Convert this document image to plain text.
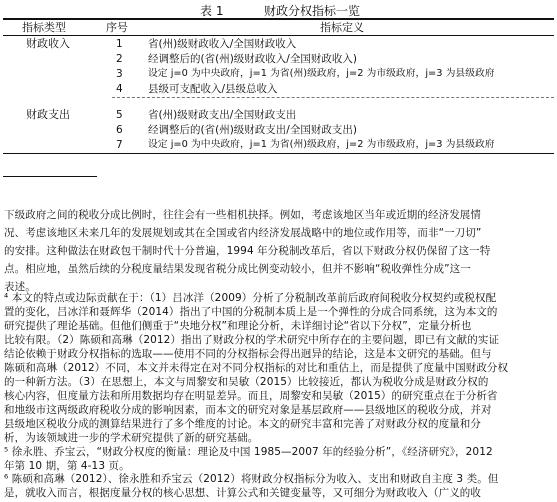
表 1	财政分权指标一览
指标类型	序号	指标定义
财政收入	1 省(州)级财政收入/全国财政收入
2 经调整后的(省(州)级财政收入/全国财政收入)
3	设定 j=0 为中央政府，j=1 为省(州)级政府，j=2 为市级政府，j=3 为县级政府
4 县级可支配收入/县级总收入
财政支出	5 省(州)级财政支出/全国财政支出
6 经调整后的(省(州)级财政支出/全国财政支出)
7	设定 j=0 为中央政府，j=1 为省(州)级政府，j=2 为市级政府，j=3 为县级政府
下级政府之间的税收分成比例时，往往会有一些相机抉择。例如，考虑该地区当年或近期的经济发展情
况、考虑该地区未来几年的发展规划或其在全国或省内经济发展战略中的地位或作用等，而非“一刀切”
的安排。这种做法在财政包干制时代十分普遍，1994 年分税制改革后，省以下财政分权仍保留了这一特
点。相应地，虽然后续的分税度量结果发现省税分成比例变动较小，但并不影响“税收弹性分成”这一
表述。
⁴ 本文的特点或边际贡献在于：（1）吕冰洋（2009）分析了分税制改革前后政府间税收分权契约或税权配
置的变化，吕冰洋和聂辉华（2014）指出了中国的分税制本质上是一个弹性的分成合同系统，这为本文的
研究提供了理论基础。但他们侧重于“央地分权”和理论分析，未详细讨论“省以下分权”，定量分析也
比较有限。（2）陈硕和高琳（2012）指出了财政分权的学术研究中所存在的主要问题，即已有文献的实证
结论依赖于财政分权指标的选取——使用不同的分权指标会得出迥异的结论，这是本文研究的基础。但与
陈硕和高琳（2012）不同，本文并未得定在对不同分权指标的对比和重估上，而是提供了度量中国财政分权
的一种新方法。（3）在思想上，本文与周黎安和吴敏（2015）比较接近，都认为税收分成是财政分权的
核心内容，但度量方法和所用数据均存在明显差异。而且，周黎安和吴敏（2015）的研究重点在于分析省
和地级市这两级政府税收分成的影响因素，而本文的研究对象是基层政府——县级地区的税收分成，并对
县级地区税收分成的测算结果进行了多个维度的讨论。本文的研究丰富和完善了对财政分权的度量和分
析，为该领域进一步的学术研究提供了新的研究基础。
⁵ 徐永胜、乔宝云，“财政分权度的衡量：理论及中国 1985—2007 年的经验分析”，《经济研究》，2012
年第 10 期，第 4-13 页。
⁶ 陈硕和高琳（2012）、徐永胜和乔宝云（2012）将财政分权指标分为收入、支出和财政自主度 3 类。但
是，就收入而言，根据度量分权的核心思想、计算公式和关键变量等，又可细分为财政收入（广义的收
